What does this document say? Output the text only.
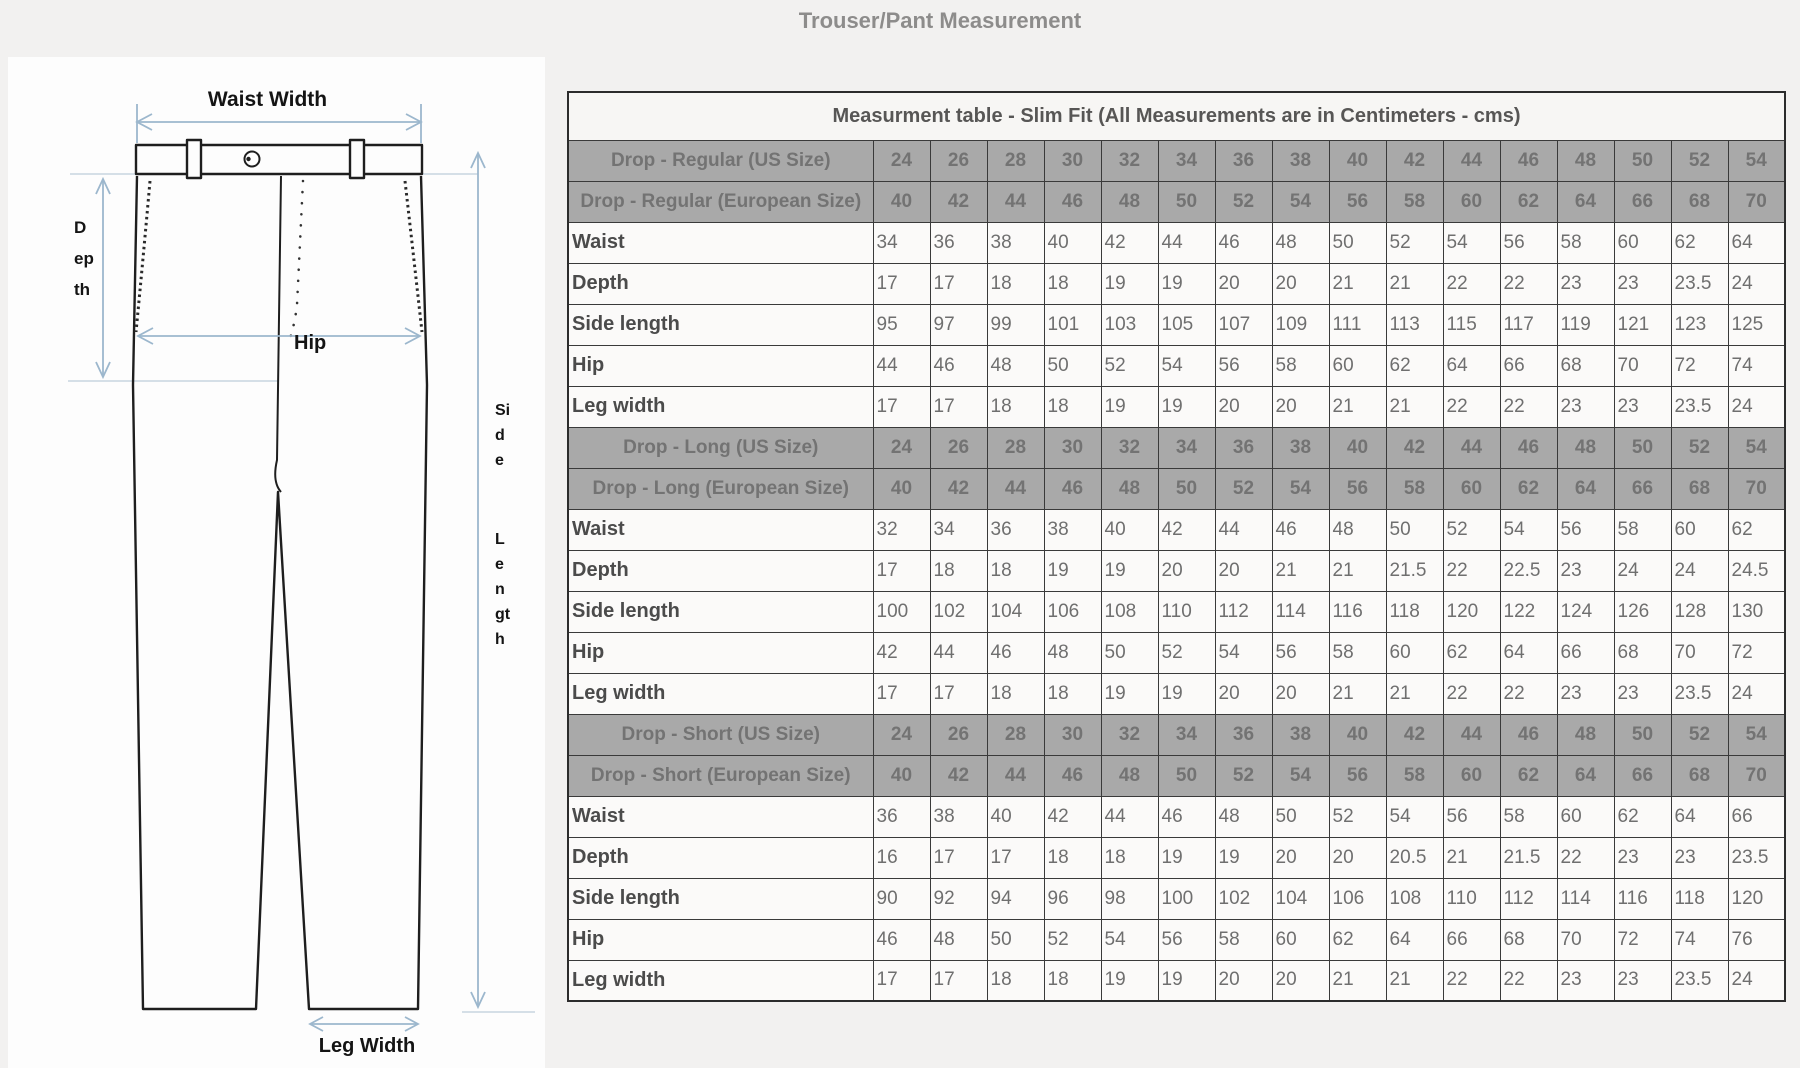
Trouser/Pant Measurement
Waist Width
Depth
Hip
Side
Length
Leg Width
Measurment table - Slim Fit (All Measurements are in Centimeters - cms)																
Drop - Regular (US Size)	24	26	28	30	32	34	36	38	40	42	44	46	48	50	52	54
Drop - Regular (European Size)	40	42	44	46	48	50	52	54	56	58	60	62	64	66	68	70
Waist	34	36	38	40	42	44	46	48	50	52	54	56	58	60	62	64
Depth	17	17	18	18	19	19	20	20	21	21	22	22	23	23	23.5	24
Side length	95	97	99	101	103	105	107	109	111	113	115	117	119	121	123	125
Hip	44	46	48	50	52	54	56	58	60	62	64	66	68	70	72	74
Leg width	17	17	18	18	19	19	20	20	21	21	22	22	23	23	23.5	24
Drop - Long (US Size)	24	26	28	30	32	34	36	38	40	42	44	46	48	50	52	54
Drop - Long (European Size)	40	42	44	46	48	50	52	54	56	58	60	62	64	66	68	70
Waist	32	34	36	38	40	42	44	46	48	50	52	54	56	58	60	62
Depth	17	18	18	19	19	20	20	21	21	21.5	22	22.5	23	24	24	24.5
Side length	100	102	104	106	108	110	112	114	116	118	120	122	124	126	128	130
Hip	42	44	46	48	50	52	54	56	58	60	62	64	66	68	70	72
Leg width	17	17	18	18	19	19	20	20	21	21	22	22	23	23	23.5	24
Drop - Short (US Size)	24	26	28	30	32	34	36	38	40	42	44	46	48	50	52	54
Drop - Short (European Size)	40	42	44	46	48	50	52	54	56	58	60	62	64	66	68	70
Waist	36	38	40	42	44	46	48	50	52	54	56	58	60	62	64	66
Depth	16	17	17	18	18	19	19	20	20	20.5	21	21.5	22	23	23	23.5
Side length	90	92	94	96	98	100	102	104	106	108	110	112	114	116	118	120
Hip	46	48	50	52	54	56	58	60	62	64	66	68	70	72	74	76
Leg width	17	17	18	18	19	19	20	20	21	21	22	22	23	23	23.5	24
